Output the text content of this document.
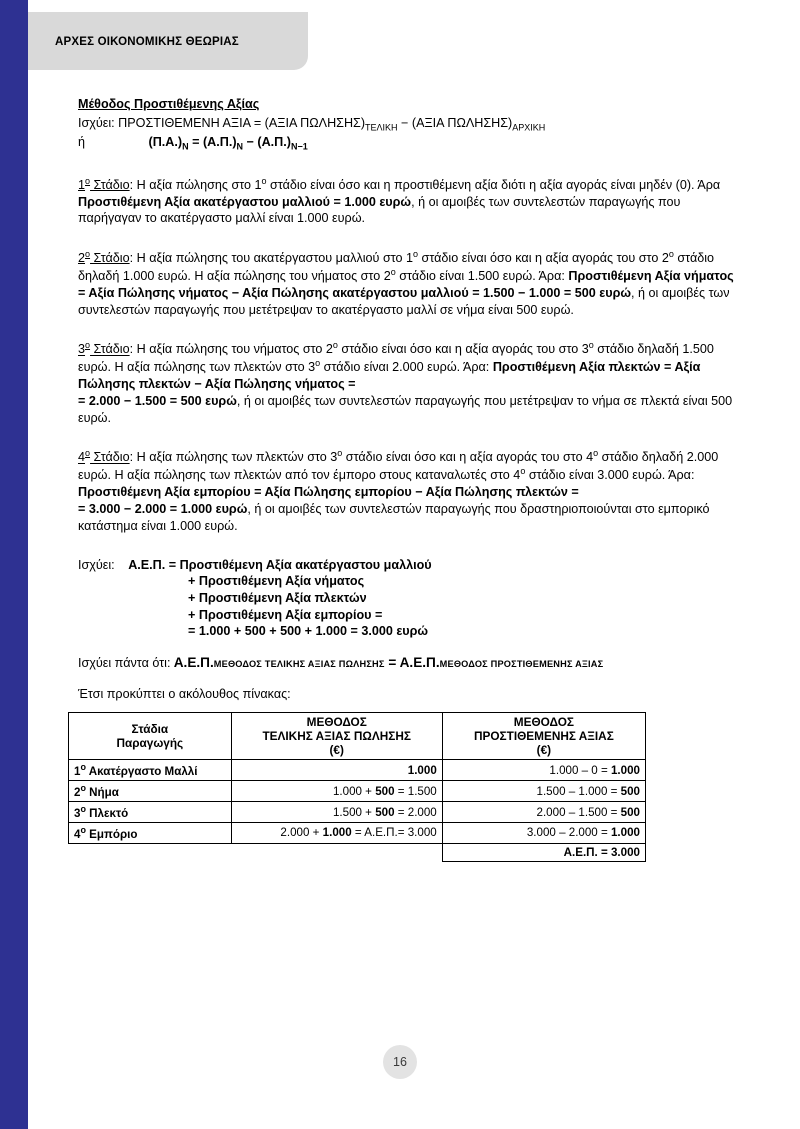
ΑΡΧΕΣ ΟΙΚΟΝΟΜΙΚΗΣ ΘΕΩΡΙΑΣ
Μέθοδος Προστιθέμενης Αξίας
Ισχύει: ΠΡΟΣΤΙΘΕΜΕΝΗ ΑΞΙΑ = (ΑΞΙΑ $\Pi\Omega\Lambda H\Sigma H\Sigma)_{TE\Lambda IKH} - (A\Xi IA$ $\Pi\Omega\Lambda H\Sigma H\Sigma)_{APXIKH}$
ή	$(\Pi.A.)_N = (A.\Pi.)_N - (A.\Pi.)_{N-1}$
$1^o$ Στάδιο: Η αξία πώλησης στο $1^o$ στάδιο είναι όσο και η προστιθέμενη αξία διότι η αξία αγοράς είναι μηδέν (0). Άρα Προστιθέμενη Αξία ακατέργαστου μαλλιού = 1.000 ευρώ, ή οι αμοιβές των συντελεστών παραγωγής που παρήγαγαν το ακατέργαστο μαλλί είναι 1.000 ευρώ.
$2^o$ Στάδιο: Η αξία πώλησης του ακατέργαστου μαλλιού στο $1^o$ στάδιο είναι όσο και η αξία αγοράς του στο $2^o$ στάδιο δηλαδή 1.000 ευρώ. Η αξία πώλησης του νήματος στο $2^o$ στάδιο είναι 1.500 ευρώ. Άρα: Προστιθέμενη Αξία νήματος = Αξία Πώλησης νήματος − Αξία Πώλησης ακατέργαστου μαλλιού = 1.500 − 1.000 = 500 ευρώ, ή οι αμοιβές των συντελεστών παραγωγής που μετέτρεψαν το ακατέργαστο μαλλί σε νήμα είναι 500 ευρώ.
$3^o$ Στάδιο: Η αξία πώλησης του νήματος στο $2^o$ στάδιο είναι όσο και η αξία αγοράς του στο $3^o$ στάδιο δηλαδή 1.500 ευρώ. Η αξία πώλησης των πλεκτών στο $3^o$ στάδιο είναι 2.000 ευρώ. Άρα: Προστιθέμενη Αξία πλεκτών = Αξία Πώλησης πλεκτών − Αξία Πώλησης νήματος =
= 2.000 − 1.500 = 500 ευρώ, ή οι αμοιβές των συντελεστών παραγωγής που μετέτρεψαν το νήμα σε πλεκτά είναι 500 ευρώ.
$4^o$ Στάδιο: Η αξία πώλησης των πλεκτών στο $3^o$ στάδιο είναι όσο και η αξία αγοράς του στο $4^o$ στάδιο δηλαδή 2.000 ευρώ. Η αξία πώλησης των πλεκτών από τον έμπορο στους καταναλωτές στο $4^o$ στάδιο είναι 3.000 ευρώ. Άρα: Προστιθέμενη Αξία εμπορίου = Αξία Πώλησης εμπορίου − Αξία Πώλησης πλεκτών =
= 3.000 − 2.000 = 1.000 ευρώ, ή οι αμοιβές των συντελεστών παραγωγής που δραστηριοποιούνται στο εμπορικό κατάστημα είναι 1.000 ευρώ.
Ισχύει: Α.Ε.Π. = Προστιθέμενη Αξία ακατέργαστου μαλλιού
+ Προστιθέμενη Αξία νήματος
+ Προστιθέμενη Αξία πλεκτών
+ Προστιθέμενη Αξία εμπορίου =
= 1.000 + 500 + 500 + 1.000 = 3.000 ευρώ
Ισχύει πάντα ότι: Α.Ε.Π.ΜΕΘΟΔΟΣ ΤΕΛΙΚΗΣ ΑΞΙΑΣ ΠΩΛΗΣΗΣ = Α.Ε.Π.ΜΕΘΟΔΟΣ ΠΡΟΣΤΙΘΕΜΕΝΗΣ ΑΞΙΑΣ
Έτσι προκύπτει ο ακόλουθος πίνακας:
Στάδια
Παραγωγής	ΜΕΘΟΔΟΣ
ΤΕΛΙΚΗΣ ΑΞΙΑΣ ΠΩΛΗΣΗΣ
(€)	ΜΕΘΟΔΟΣ
ΠΡΟΣΤΙΘΕΜΕΝΗΣ ΑΞΙΑΣ
(€)
$1^o$ Ακατέργαστο Μαλλί	1.000	1.000 – 0 = 1.000
$2^o$ Νήμα	1.000 + 500 = 1.500	1.500 – 1.000 = 500
$3^o$ Πλεκτό	1.500 + 500 = 2.000	2.000 – 1.500 = 500
$4^o$ Εμπόριο	2.000 + 1.000 = Α.Ε.Π.= 3.000	3.000 – 2.000 = 1.000
		Α.Ε.Π. = 3.000
16
